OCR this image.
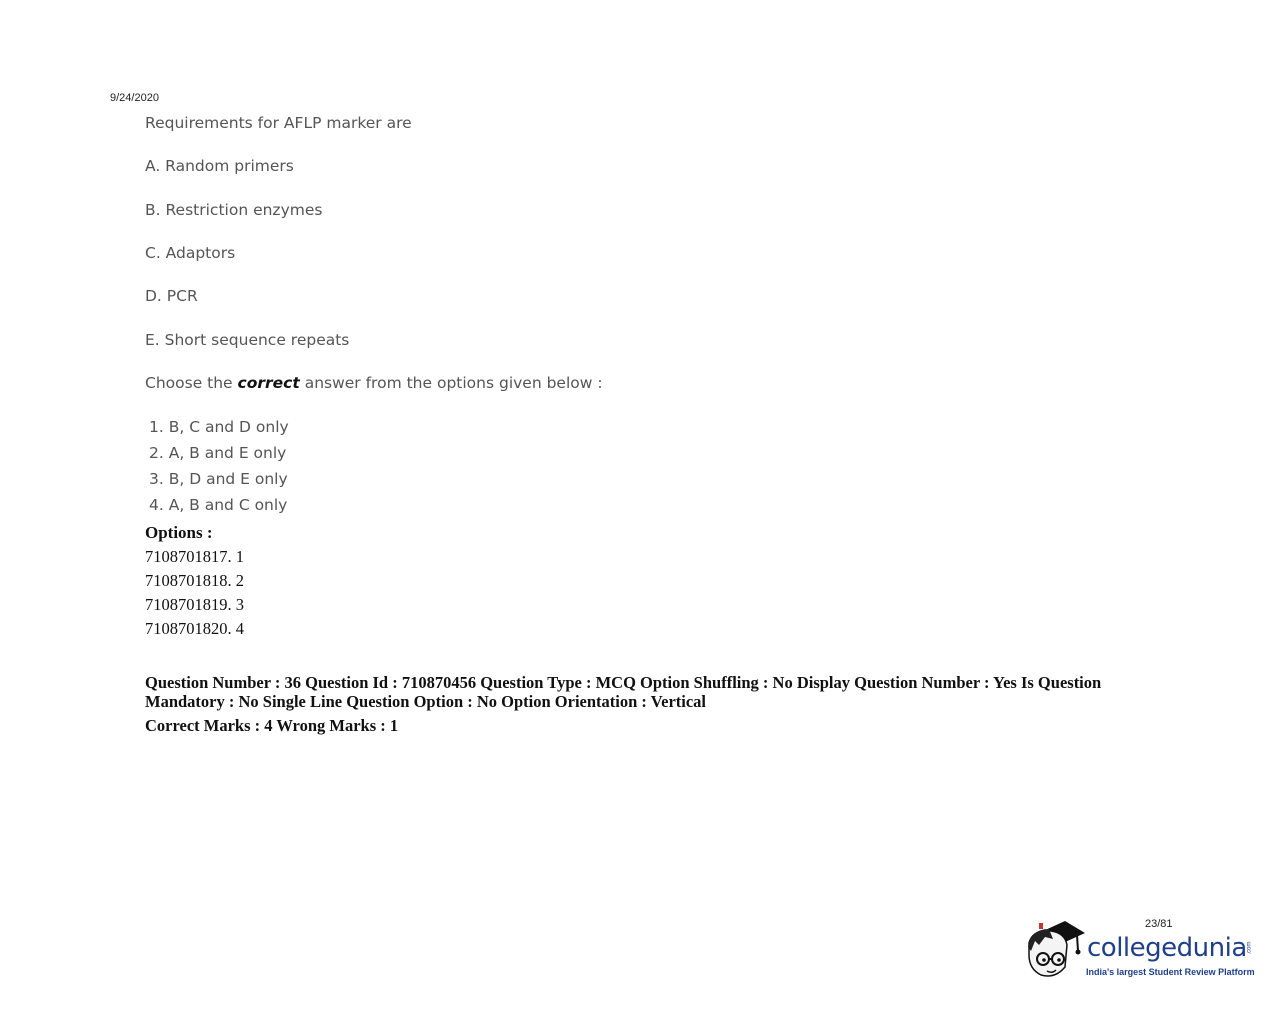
9/24/2020
Requirements for AFLP marker are
A. Random primers
B. Restriction enzymes
C. Adaptors
D. PCR
E. Short sequence repeats
Choose the correct answer from the options given below :
1. B, C and D only
2. A, B and E only
3. B, D and E only
4. A, B and C only
Options :
7108701817. 1
7108701818. 2
7108701819. 3
7108701820. 4
Question Number : 36 Question Id : 710870456 Question Type : MCQ Option Shuffling : No Display Question Number : Yes Is Question Mandatory : No Single Line Question Option : No Option Orientation : Vertical
Correct Marks : 4 Wrong Marks : 1
23/81
collegedunia .com
India's largest Student Review Platform
